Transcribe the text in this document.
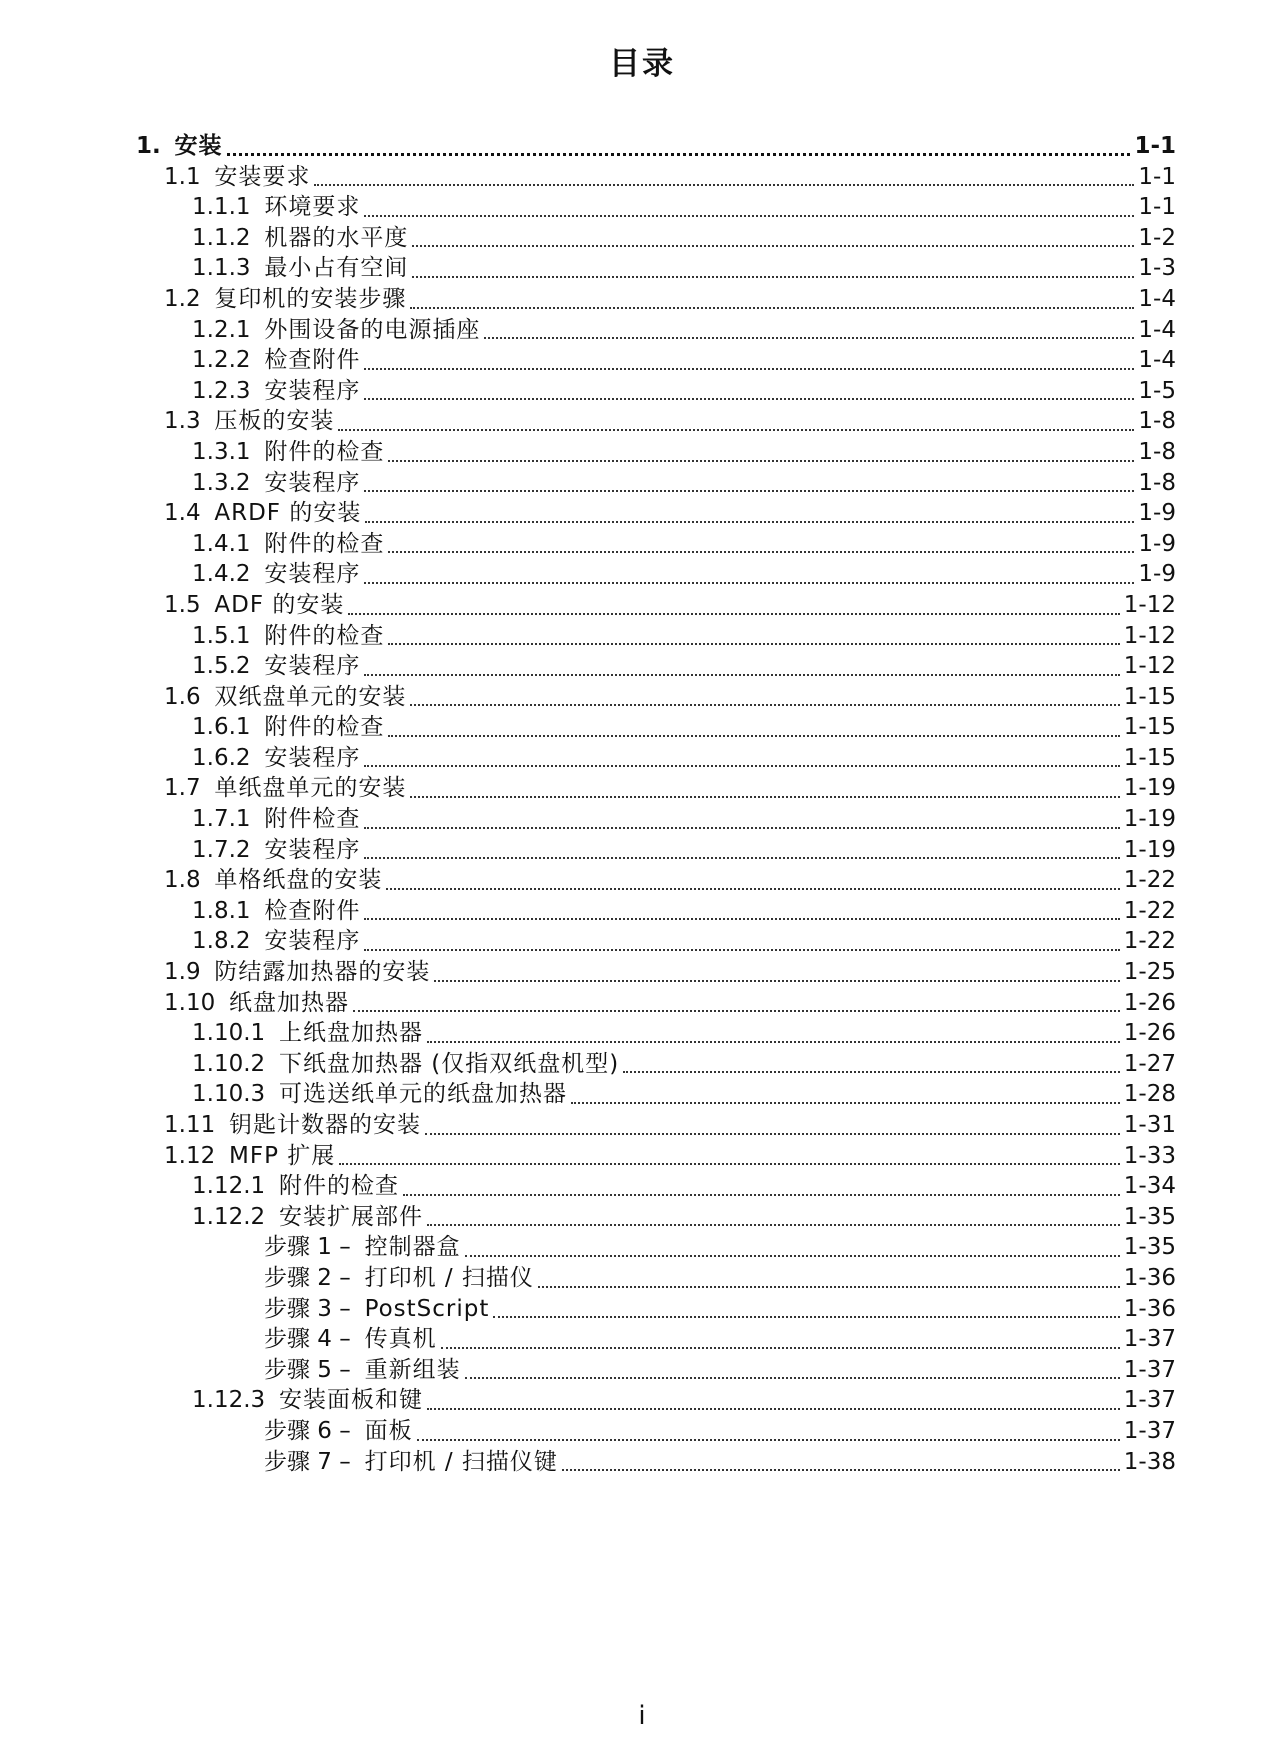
目录
1. 安装	1-1
1.1 安装要求	1-1
1.1.1 环境要求	1-1
1.1.2 机器的水平度	1-2
1.1.3 最小占有空间	1-3
1.2 复印机的安装步骤	1-4
1.2.1 外围设备的电源插座	1-4
1.2.2 检查附件	1-4
1.2.3 安装程序	1-5
1.3 压板的安装	1-8
1.3.1 附件的检查	1-8
1.3.2 安装程序	1-8
1.4 ARDF 的安装	1-9
1.4.1 附件的检查	1-9
1.4.2 安装程序	1-9
1.5 ADF 的安装	1-12
1.5.1 附件的检查	1-12
1.5.2 安装程序	1-12
1.6 双纸盘单元的安装	1-15
1.6.1 附件的检查	1-15
1.6.2 安装程序	1-15
1.7 单纸盘单元的安装	1-19
1.7.1 附件检查	1-19
1.7.2 安装程序	1-19
1.8 单格纸盘的安装	1-22
1.8.1 检查附件	1-22
1.8.2 安装程序	1-22
1.9 防结露加热器的安装	1-25
1.10 纸盘加热器	1-26
1.10.1 上纸盘加热器	1-26
1.10.2 下纸盘加热器 (仅指双纸盘机型)	1-27
1.10.3 可选送纸单元的纸盘加热器	1-28
1.11 钥匙计数器的安装	1-31
1.12 MFP 扩展	1-33
1.12.1 附件的检查	1-34
1.12.2 安装扩展部件	1-35
步骤 1 – 控制器盒	1-35
步骤 2 – 打印机 / 扫描仪	1-36
步骤 3 – PostScript	1-36
步骤 4 – 传真机	1-37
步骤 5 – 重新组装	1-37
1.12.3 安装面板和键	1-37
步骤 6 – 面板	1-37
步骤 7 – 打印机 / 扫描仪键	1-38
i
